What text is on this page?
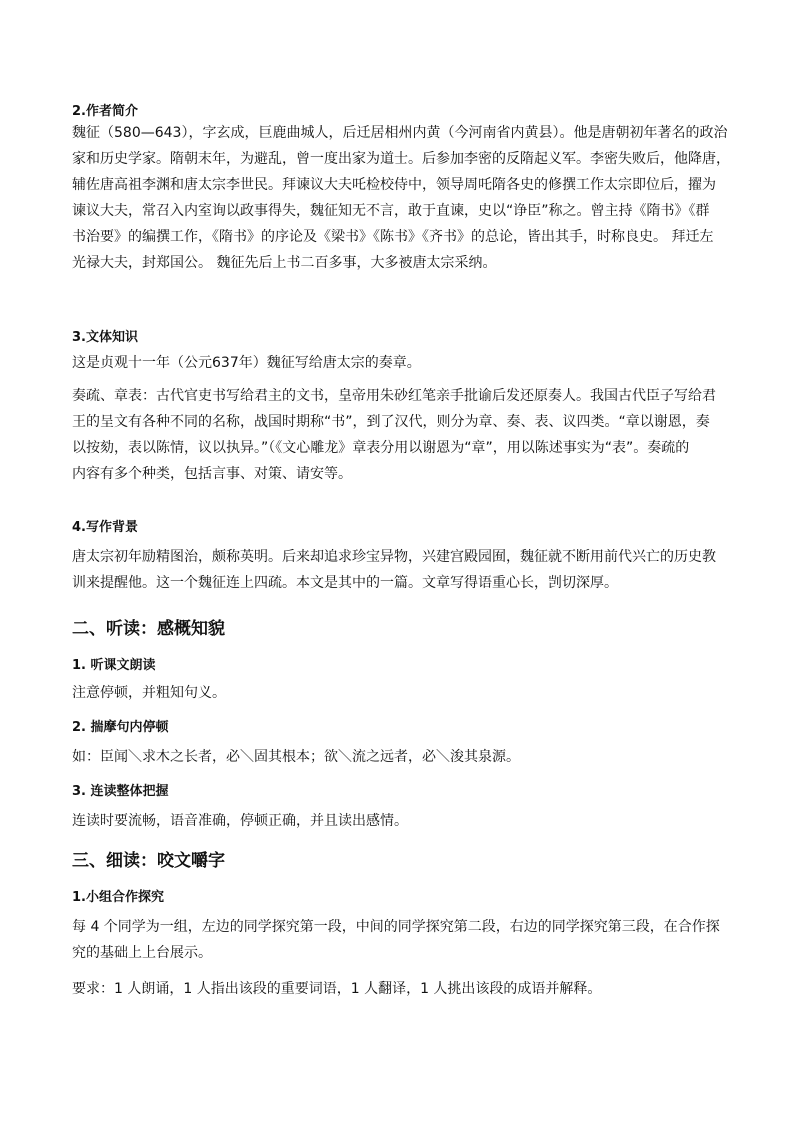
2.作者简介
魏征（580—643），字玄成，巨鹿曲城人，后迁居相州内黄（今河南省内黄县）。他是唐朝初年著名的政治
家和历史学家。隋朝末年，为避乱，曾一度出家为道士。后参加李密的反隋起义军。李密失败后，他降唐，
辅佐唐高祖李渊和唐太宗李世民。拜谏议大夫吒检校侍中，领导周吒隋各史的修撰工作太宗即位后，擢为
谏议大夫，常召入内室询以政事得失，魏征知无不言，敢于直谏，史以“诤臣”称之。曾主持《隋书》《群
书治要》的编撰工作，《隋书》的序论及《梁书》《陈书》《齐书》的总论，皆出其手，时称良史。 拜迁左
光禄大夫，封郑国公。 魏征先后上书二百多事，大多被唐太宗采纳。
3.文体知识
这是贞观十一年（公元637年）魏征写给唐太宗的奏章。
奏疏、章表：古代官吏书写给君主的文书，皇帝用朱砂红笔亲手批谕后发还原奏人。我国古代臣子写给君
王的呈文有各种不同的名称，战国时期称“书”，到了汉代，则分为章、奏、表、议四类。“章以谢恩，奏
以按劾，表以陈情，议以执异。”（《文心雕龙》章表分用以谢恩为“章”，用以陈述事实为“表”。奏疏的
内容有多个种类，包括言事、对策、请安等。
4.写作背景
唐太宗初年励精图治，颇称英明。后来却追求珍宝异物，兴建宫殿园囿，魏征就不断用前代兴亡的历史教
训来提醒他。这一个魏征连上四疏。本文是其中的一篇。文章写得语重心长，剀切深厚。
二、听读：感概知貌
1. 听课文朗读
注意停顿，并粗知句义。
2. 揣摩句内停顿
如：臣闻＼求木之长者，必＼固其根本；欲＼流之远者，必＼浚其泉源。
3. 连读整体把握
连读时要流畅，语音准确，停顿正确，并且读出感情。
三、细读：咬文嚼字
1.小组合作探究
每 4 个同学为一组，左边的同学探究第一段，中间的同学探究第二段，右边的同学探究第三段，在合作探
究的基础上上台展示。
要求：1 人朗诵，1 人指出该段的重要词语，1 人翻译，1 人挑出该段的成语并解释。
